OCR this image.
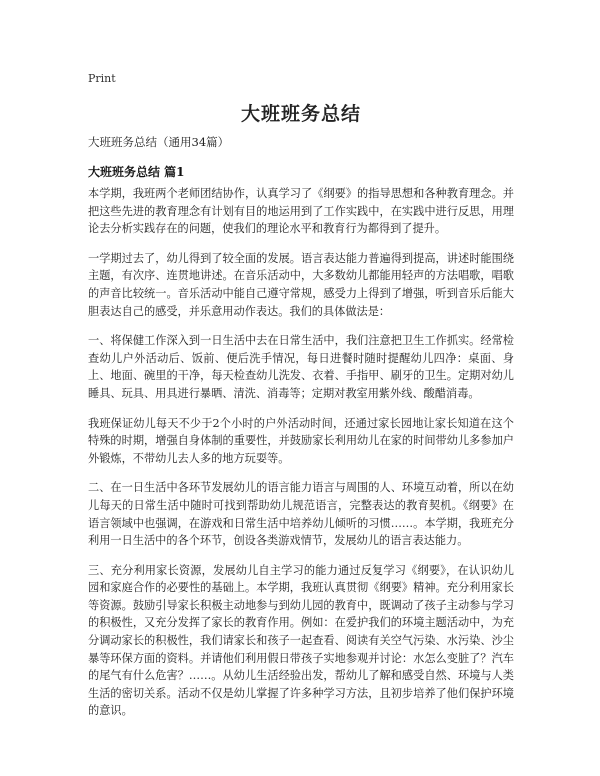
Print
大班班务总结
大班班务总结（通用34篇）
大班班务总结 篇1

本学期，我班两个老师团结协作，认真学习了《纲要》的指导思想和各种教育理念。并把这些先进的教育理念有计划有目的地运用到了工作实践中，在实践中进行反思，用理论去分析实践存在的问题，使我们的理论水平和教育行为都得到了提升。

一学期过去了，幼儿得到了较全面的发展。语言表达能力普遍得到提高，讲述时能围绕主题，有次序、连贯地讲述。在音乐活动中，大多数幼儿都能用轻声的方法唱歌，唱歌的声音比较统一。音乐活动中能自己遵守常规，感受力上得到了增强，听到音乐后能大胆表达自己的感受，并乐意用动作表达。我们的具体做法是：

一、将保健工作深入到一日生活中去在日常生活中，我们注意把卫生工作抓实。经常检查幼儿户外活动后、饭前、便后洗手情况，每日进餐时随时提醒幼儿四净：桌面、身上、地面、碗里的干净，每天检查幼儿洗发、衣着、手指甲、刷牙的卫生。定期对幼儿睡具、玩具、用具进行暴晒、清洗、消毒等；定期对教室用紫外线、酸醋消毒。

我班保证幼儿每天不少于2个小时的户外活动时间，还通过家长园地让家长知道在这个特殊的时期，增强自身体制的重要性，并鼓励家长利用幼儿在家的时间带幼儿多参加户外锻炼，不带幼儿去人多的地方玩耍等。

二、在一日生活中各环节发展幼儿的语言能力语言与周围的人、环境互动着，所以在幼儿每天的日常生活中随时可找到帮助幼儿规范语言，完整表达的教育契机。《纲要》在语言领域中也强调，在游戏和日常生活中培养幼儿倾听的习惯……。本学期，我班充分利用一日生活中的各个环节，创设各类游戏情节，发展幼儿的语言表达能力。

三、充分利用家长资源，发展幼儿自主学习的能力通过反复学习《纲要》，在认识幼儿园和家庭合作的必要性的基础上。本学期，我班认真贯彻《纲要》精神。充分利用家长等资源。鼓励引导家长积极主动地参与到幼儿园的教育中，既调动了孩子主动参与学习的积极性，又充分发挥了家长的教育作用。例如：在爱护我们的环境主题活动中，为充分调动家长的积极性，我们请家长和孩子一起查看、阅读有关空气污染、水污染、沙尘暴等环保方面的资料。并请他们利用假日带孩子实地参观并讨论：水怎么变脏了？汽车的尾气有什么危害？……。从幼儿生活经验出发，帮幼儿了解和感受自然、环境与人类生活的密切关系。活动不仅是幼儿掌握了许多种学习方法，且初步培养了他们保护环境的意识。
